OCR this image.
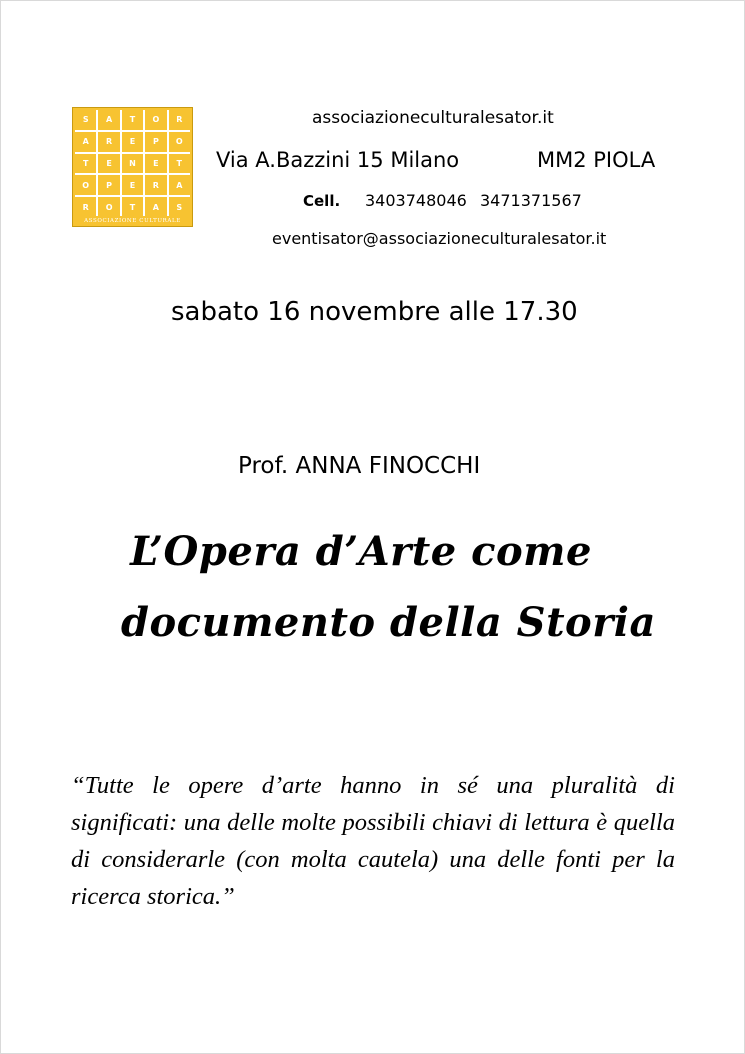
S	A	T	O	R
A	R	E	P	O
T	E	N	E	T
O	P	E	R	A
R	O	T	A	S
ASSOCIAZIONE CULTURALE
associazioneculturalesator.it
Via A.Bazzini 15 Milano	MM2 PIOLA
Cell. 3403748046 3471371567
eventisator@associazioneculturalesator.it
sabato 16 novembre alle 17.30
Prof. ANNA FINOCCHI
L’Opera d’Arte come
documento della Storia
“Tutte le opere d’arte hanno in sé una pluralità di significati: una delle molte possibili chiavi di lettura è quella di considerarle (con molta cautela) una delle fonti per la ricerca storica.”
